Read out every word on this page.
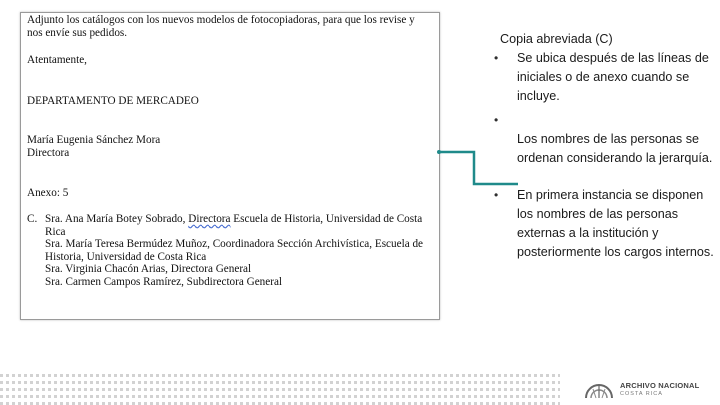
Adjunto los catálogos con los nuevos modelos de fotocopiadoras, para que los revise y nos envíe sus pedidos.
Atentamente,
DEPARTAMENTO DE MERCADEO
María Eugenia Sánchez Mora
Directora
Anexo: 5
C. Sra. Ana María Botey Sobrado, Directora Escuela de Historia, Universidad de Costa
Rica
Sra. María Teresa Bermúdez Muñoz, Coordinadora Sección Archivística, Escuela de
Historia, Universidad de Costa Rica
Sra. Virginia Chacón Arias, Directora General
Sra. Carmen Campos Ramírez, Subdirectora General
Copia abreviada (C)
• Se ubica después de las líneas de iniciales o de anexo cuando se incluye.
•
Los nombres de las personas se ordenan considerando la jerarquía.
• En primera instancia se disponen los nombres de las personas externas a la institución y posteriormente los cargos internos.
ARCHIVO NACIONAL
COSTA RICA
